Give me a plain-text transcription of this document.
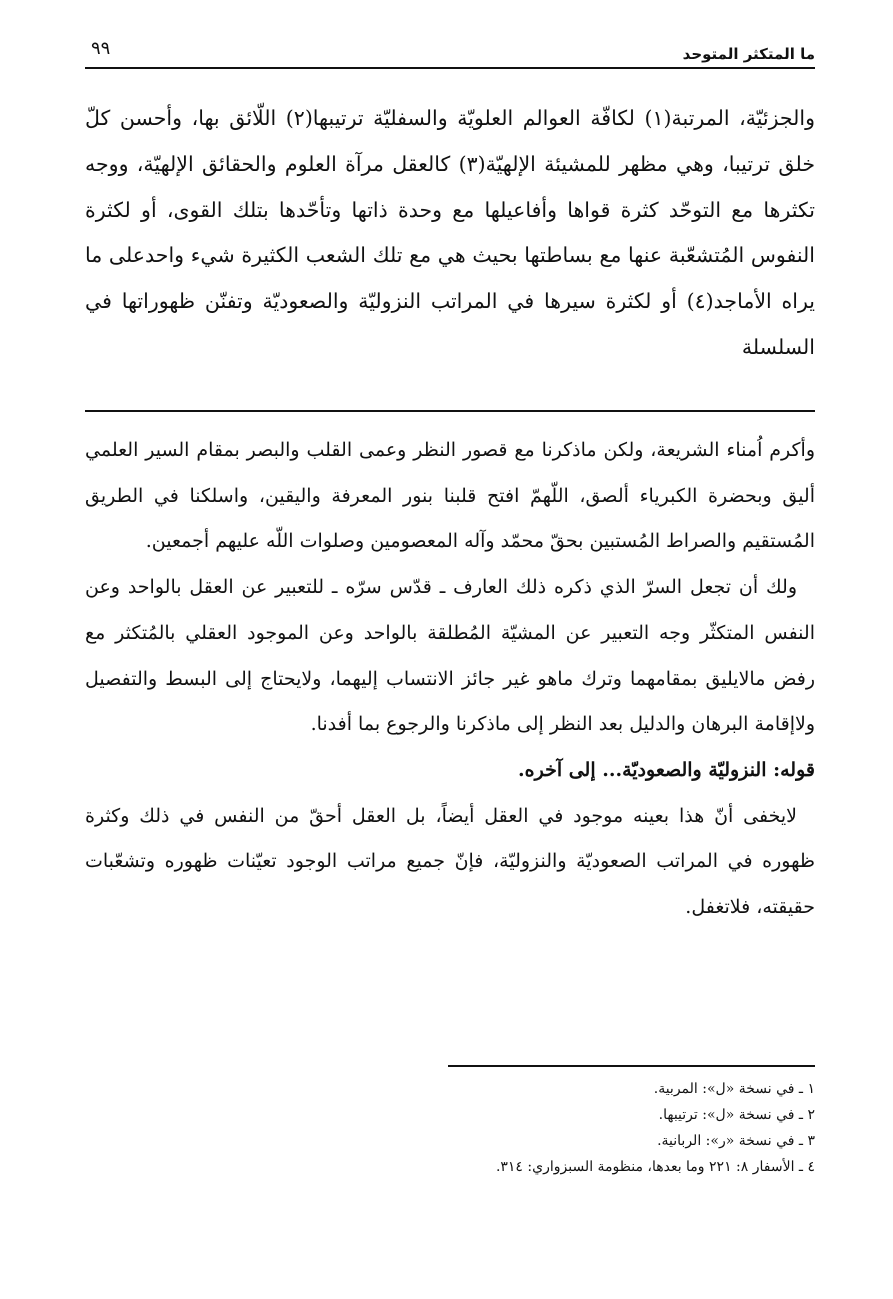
ما المتكثر المتوحد
٩٩

والجزئيّة، المرتبة(١) لكافّة العوالم العلويّة والسفليّة ترتيبها(٢) اللّائق بها، وأحسن كلّ خلق ترتيبا، وهي مظهر للمشيئة الإلهيّة(٣) كالعقل مرآة العلوم والحقائق الإلهيّة، ووجه تكثرها مع التوحّد كثرة قواها وأفاعيلها مع وحدة ذاتها وتأحّدها بتلك القوى، أو لكثرة النفوس المُتشعّبة عنها مع بساطتها بحيث هي مع تلك الشعب الكثيرة شيء واحدعلى ما يراه الأماجد(٤) أو لكثرة سيرها في المراتب النزوليّة والصعوديّة وتفنّن ظهوراتها في السلسلة

وأكرم اُمناء الشريعة، ولكن ماذكرنا مع قصور النظر وعمى القلب والبصر بمقام السير العلمي أليق وبحضرة الكبرياء ألصق، اللّهمّ افتح قلبنا بنور المعرفة واليقين، واسلكنا في الطريق المُستقيم والصراط المُستبين بحقّ محمّد وآله المعصومين وصلوات اللّه عليهم أجمعين.

ولك أن تجعل السرّ الذي ذكره ذلك العارف ـ قدّس سرّه ـ للتعبير عن العقل بالواحد وعن النفس المتكثّر وجه التعبير عن المشيّة المُطلقة بالواحد وعن الموجود العقلي بالمُتكثر مع رفض مالايليق بمقامهما وترك ماهو غير جائز الانتساب إليهما، ولايحتاج إلى البسط والتفصيل ولاإقامة البرهان والدليل بعد النظر إلى ماذكرنا والرجوع بما أفدنا.

قوله: النزوليّة والصعوديّة... إلى آخره.

لايخفى أنّ هذا بعينه موجود في العقل أيضاً، بل العقل أحقّ من النفس في ذلك وكثرة ظهوره في المراتب الصعوديّة والنزوليّة، فإنّ جميع مراتب الوجود تعيّنات ظهوره وتشعّبات حقيقته، فلاتغفل.

١ ـ في نسخة «ل»: المربية.
٢ ـ في نسخة «ل»: ترتيبها.
٣ ـ في نسخة «ر»: الربانية.
٤ ـ الأسفار ٨: ٢٢١ وما بعدها، منظومة السبزواري: ٣١٤.
